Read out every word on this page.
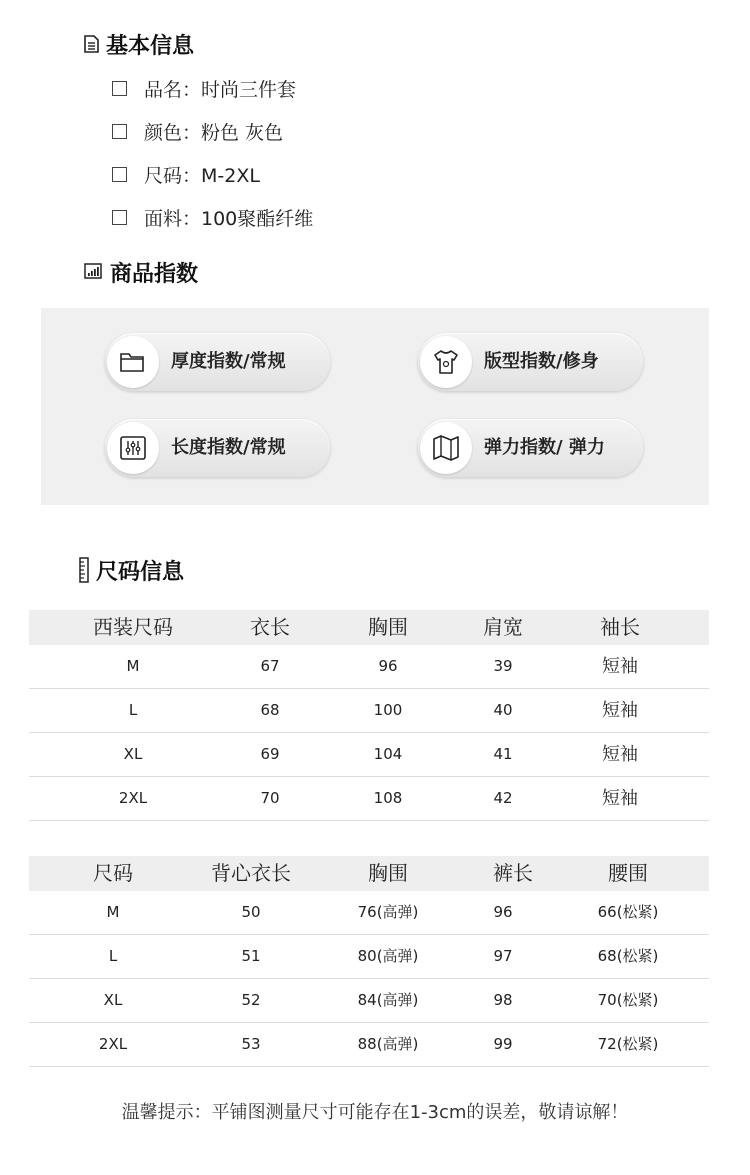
基本信息
品名：时尚三件套
颜色：粉色 灰色
尺码：M-2XL
面料：100聚酯纤维
商品指数
厚度指数/常规	版型指数/修身
长度指数/常规	弹力指数/ 弹力
尺码信息
西装尺码	衣长	胸围	肩宽	袖长
M	67	96	39	短袖
L	68	100	40	短袖
XL	69	104	41	短袖
2XL	70	108	42	短袖
尺码	背心衣长	胸围	裤长	腰围
M	50	76(高弹)	96	66(松紧)
L	51	80(高弹)	97	68(松紧)
XL	52	84(高弹)	98	70(松紧)
2XL	53	88(高弹)	99	72(松紧)
温馨提示：平铺图测量尺寸可能存在1-3cm的误差，敬请谅解！
